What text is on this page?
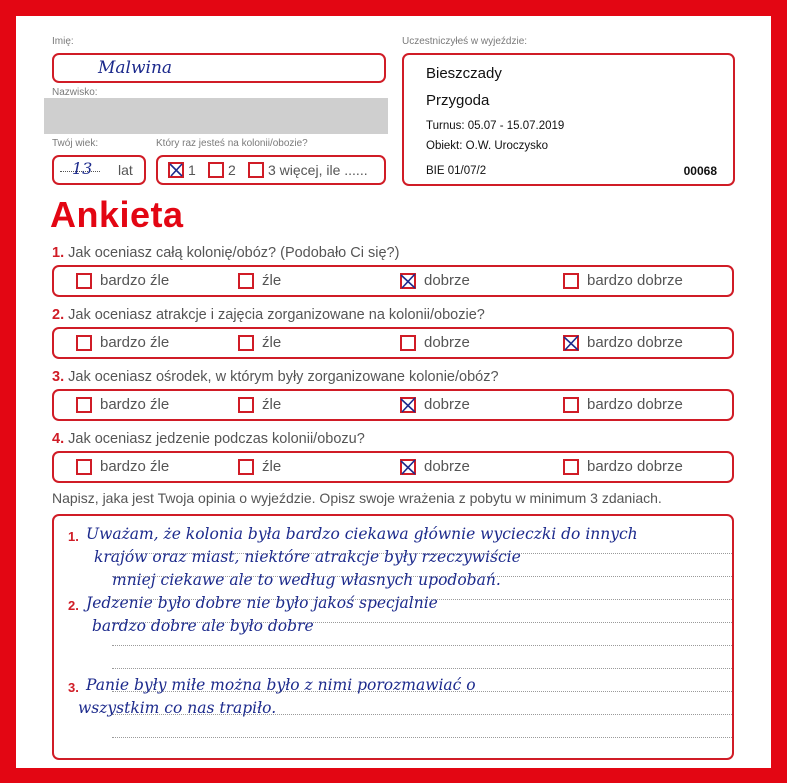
Imię:
Malwina
Nazwisko:
Twój wiek:
13 lat
Który raz jesteś na kolonii/obozie?
1 2 3 więcej, ile ......
Uczestniczyłeś w wyjeździe:
Bieszczady
Przygoda
Turnus: 05.07 - 15.07.2019
Obiekt: O.W. Uroczysko
BIE 01/07/2	00068
Ankieta
1. Jak oceniasz całą kolonię/obóz? (Podobało Ci się?)
bardzo źle	źle	dobrze	bardzo dobrze
2. Jak oceniasz atrakcje i zajęcia zorganizowane na kolonii/obozie?
bardzo źle	źle	dobrze	bardzo dobrze
3. Jak oceniasz ośrodek, w którym były zorganizowane kolonie/obóz?
bardzo źle	źle	dobrze	bardzo dobrze
4. Jak oceniasz jedzenie podczas kolonii/obozu?
bardzo źle	źle	dobrze	bardzo dobrze
Napisz, jaka jest Twoja opinia o wyjeździe. Opisz swoje wrażenia z pobytu w minimum 3 zdaniach.
1. Uważam, że kolonia była bardzo ciekawa głównie wycieczki do innych
krajów oraz miast, niektóre atrakcje były rzeczywiście
mniej ciekawe ale to według własnych upodobań.
2. Jedzenie było dobre nie było jakoś specjalnie
bardzo dobre ale było dobre
3. Panie były miłe można było z nimi porozmawiać o
wszystkim co nas trapiło.
